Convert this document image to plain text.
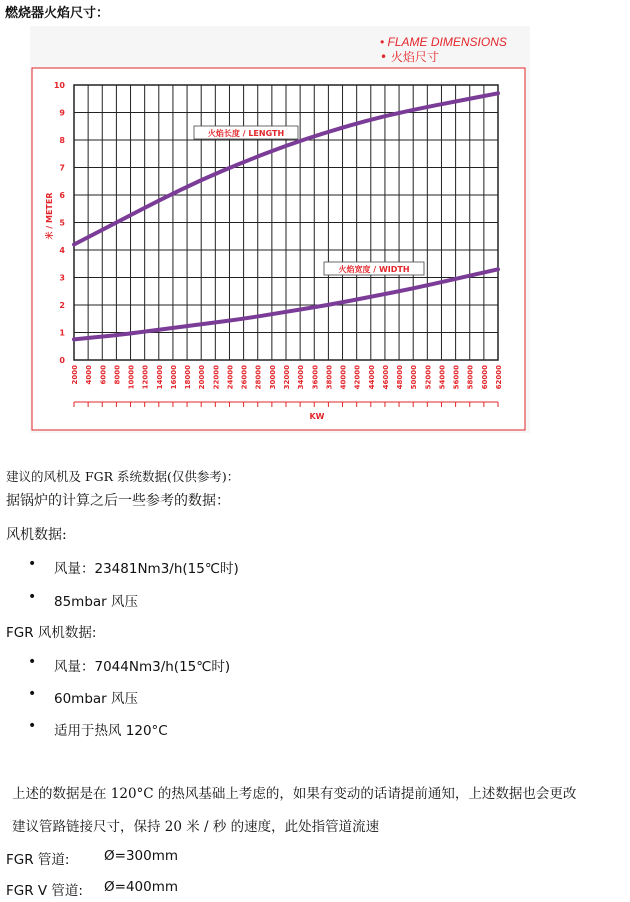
燃烧器火焰尺寸：
0
1
2
3
4
5
6
7
8
9
10
2000 4000 6000 8000 10000 12000 14000 16000 18000 20000 22000 24000 26000 28000 30000 32000 34000 36000 38000 40000 42000 44000 46000 48000 50000 52000 54000 56000 58000 60000 62000
火焰长度 / LENGTH
火焰宽度 / WIDTH
• FLAME DIMENSIONS
• 火焰尺寸
米 / METER
KW
建议的风机及 FGR 系统数据(仅供参考)：
据锅炉的计算之后一些参考的数据：
风机数据:
• 风量：23481Nm3/h(15℃时)
• 85mbar 风压
FGR 风机数据:
• 风量：7044Nm3/h(15℃时)
• 60mbar 风压
• 适用于热风 120°C
上述的数据是在 120°C 的热风基础上考虑的，如果有变动的话请提前通知，上述数据也会更改
建议管路链接尺寸，保持 20 米 / 秒 的速度，此处指管道流速
FGR 管道:	Ø=300mm
FGR V 管道: Ø=400mm
